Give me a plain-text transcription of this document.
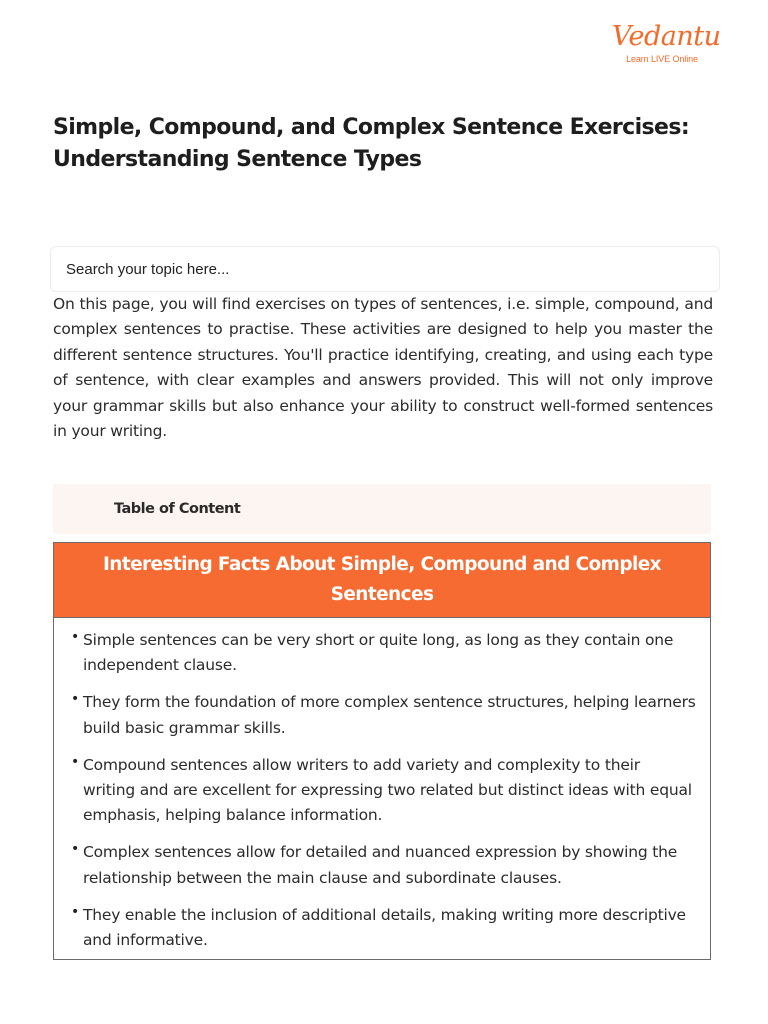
Vedantu
Learn LIVE Online
Simple, Compound, and Complex Sentence Exercises: Understanding Sentence Types
Search your topic here...

On this page, you will find exercises on types of sentences, i.e. simple, compound, and complex sentences to practise. These activities are designed to help you master the different sentence structures. You'll practice identifying, creating, and using each type of sentence, with clear examples and answers provided. This will not only improve your grammar skills but also enhance your ability to construct well-formed sentences in your writing.

Table of Content
Interesting Facts About Simple, Compound and Complex Sentences
• Simple sentences can be very short or quite long, as long as they contain one independent clause.
• They form the foundation of more complex sentence structures, helping learners build basic grammar skills.
• Compound sentences allow writers to add variety and complexity to their writing and are excellent for expressing two related but distinct ideas with equal emphasis, helping balance information.
• Complex sentences allow for detailed and nuanced expression by showing the relationship between the main clause and subordinate clauses.
• They enable the inclusion of additional details, making writing more descriptive and informative.
